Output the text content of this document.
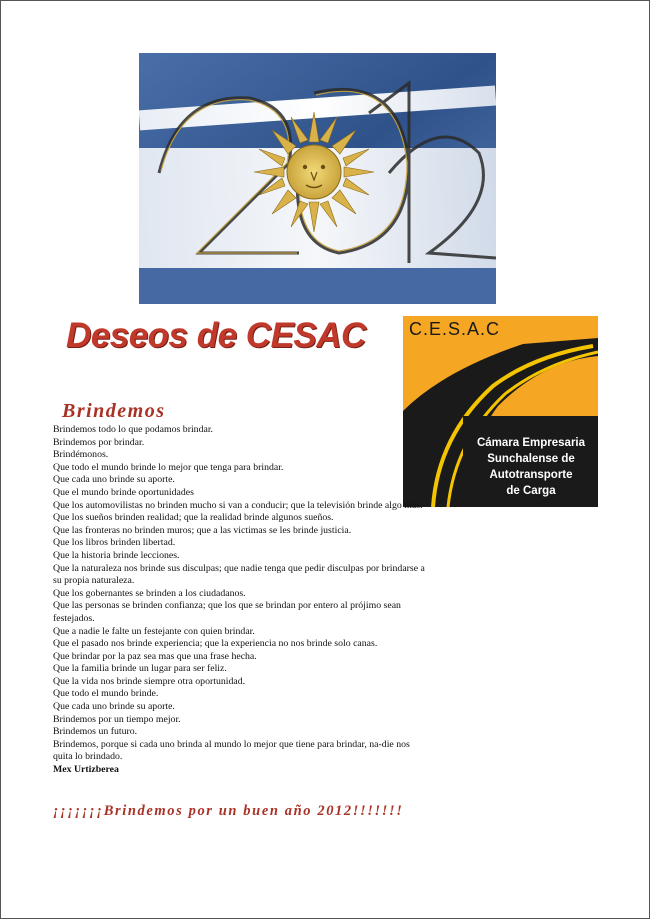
Deseos de CESAC C.E.S.A.C
Cámara Empresaria
Sunchalense de
Autotransporte
de Carga
Brindemos
Brindemos todo lo que podamos brindar.
Brindemos por brindar.
Brindémonos.
Que todo el mundo brinde lo mejor que tenga para brindar.
Que cada uno brinde su aporte.
Que el mundo brinde oportunidades
Que los automovilistas no brinden mucho si van a conducir; que la televisión brinde algo mas.
Que los sueños brinden realidad; que la realidad brinde algunos sueños.
Que las fronteras no brinden muros; que a las victimas se les brinde justicia.
Que los libros brinden libertad.
Que la historia brinde lecciones.
Que la naturaleza nos brinde sus disculpas; que nadie tenga que pedir disculpas por brindarse a su propia naturaleza.
Que los gobernantes se brinden a los ciudadanos.
Que las personas se brinden confianza; que los que se brindan por entero al prójimo sean festejados.
Que a nadie le falte un festejante con quien brindar.
Que el pasado nos brinde experiencia; que la experiencia no nos brinde solo canas.
Que brindar por la paz sea mas que una frase hecha.
Que la familia brinde un lugar para ser feliz.
Que la vida nos brinde siempre otra oportunidad.
Que todo el mundo brinde.
Que cada uno brinde su aporte.
Brindemos por un tiempo mejor.
Brindemos un futuro.
Brindemos, porque si cada uno brinda al mundo lo mejor que tiene para brindar, na-die nos quita lo brindado.
Mex Urtizberea
¡¡¡¡¡¡¡Brindemos por un buen año 2012!!!!!!!
